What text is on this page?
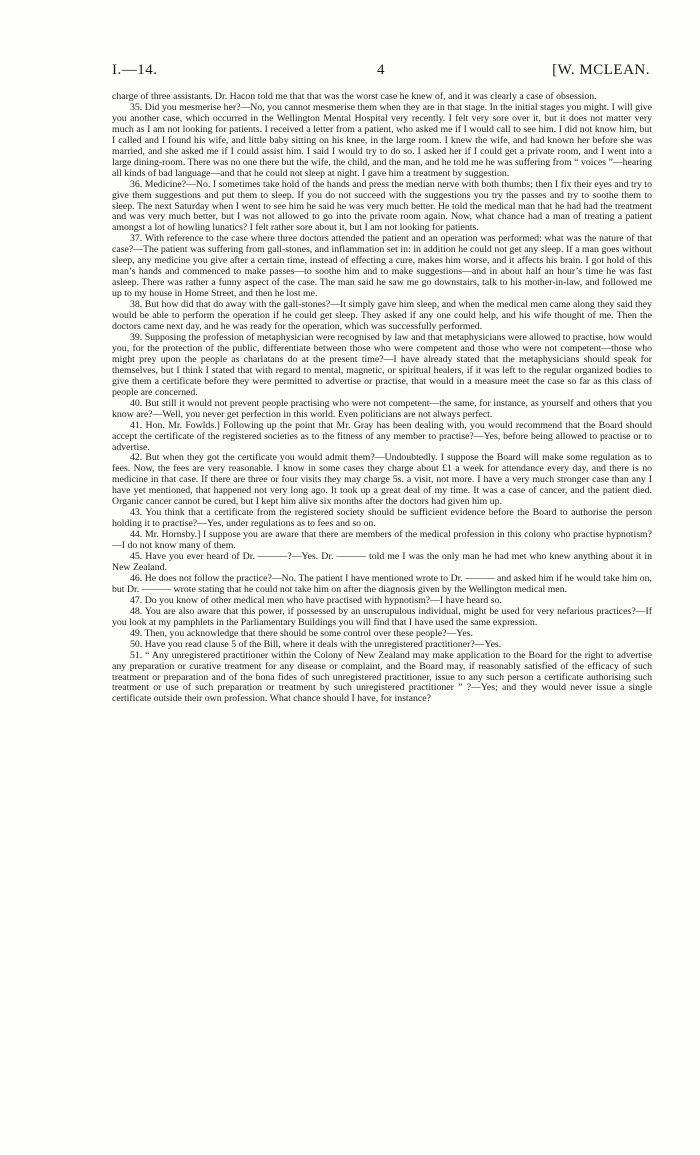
I.—14.	4	[W. MCLEAN.

charge of three assistants. Dr. Hacon told me that that was the worst case he knew of, and it was clearly a case of obsession.

35. Did you mesmerise her?—No, you cannot mesmerise them when they are in that stage. In the initial stages you might. I will give you another case, which occurred in the Wellington Mental Hospital very recently. I felt very sore over it, but it does not matter very much as I am not looking for patients. I received a letter from a patient, who asked me if I would call to see him. I did not know him, but I called and I found his wife, and little baby sitting on his knee, in the large room. I knew the wife, and had known her before she was married, and she asked me if I could assist him. I said I would try to do so. I asked her if I could get a private room, and I went into a large dining-room. There was no one there but the wife, the child, and the man, and he told me he was suffering from “ voices ”—hearing all kinds of bad language—and that he could not sleep at night. I gave him a treatment by suggestion.

36. Medicine?—No. I sometimes take hold of the hands and press the median nerve with both thumbs; then I fix their eyes and try to give them suggestions and put them to sleep. If you do not succeed with the suggestions you try the passes and try to soothe them to sleep. The next Saturday when I went to see him he said he was very much better. He told the medical man that he had had the treatment and was very much better, but I was not allowed to go into the private room again. Now, what chance had a man of treating a patient amongst a lot of howling lunatics? I felt rather sore about it, but I am not looking for patients.

37. With reference to the case where three doctors attended the patient and an operation was performed: what was the nature of that case?—The patient was suffering from gall-stones, and inflammation set in: in addition he could not get any sleep. If a man goes without sleep, any medicine you give after a certain time, instead of effecting a cure, makes him worse, and it affects his brain. I got hold of this man’s hands and commenced to make passes—to soothe him and to make suggestions—and in about half an hour’s time he was fast asleep. There was rather a funny aspect of the case. The man said he saw me go downstairs, talk to his mother-in-law, and followed me up to my house in Home Street, and then he lost me.

38. But how did that do away with the gall-stones?—It simply gave him sleep, and when the medical men came along they said they would be able to perform the operation if he could get sleep. They asked if any one could help, and his wife thought of me. Then the doctors came next day, and he was ready for the operation, which was successfully performed.

39. Supposing the profession of metaphysician were recognised by law and that metaphysicians were allowed to practise, how would you, for the protection of the public, differentiate between those who were competent and those who were not competent—those who might prey upon the people as charlatans do at the present time?—I have already stated that the metaphysicians should speak for themselves, but I think I stated that with regard to mental, magnetic, or spiritual healers, if it was left to the regular organized bodies to give them a certificate before they were permitted to advertise or practise, that would in a measure meet the case so far as this class of people are concerned.

40. But still it would not prevent people practising who were not competent—the same, for instance, as yourself and others that you know are?—Well, you never get perfection in this world. Even politicians are not always perfect.

41. Hon. Mr. Fowlds.] Following up the point that Mr. Gray has been dealing with, you would recommend that the Board should accept the certificate of the registered societies as to the fitness of any member to practise?—Yes, before being allowed to practise or to advertise.

42. But when they got the certificate you would admit them?—Undoubtedly. I suppose the Board will make some regulation as to fees. Now, the fees are very reasonable. I know in some cases they charge about £1 a week for attendance every day, and there is no medicine in that case. If there are three or four visits they may charge 5s. a visit, not more. I have a very much stronger case than any I have yet mentioned, that happened not very long ago. It took up a great deal of my time. It was a case of cancer, and the patient died. Organic cancer cannot be cured, but I kept him alive six months after the doctors had given him up.

43. You think that a certificate from the registered society should be sufficient evidence before the Board to authorise the person holding it to practise?—Yes, under regulations as to fees and so on.

44. Mr. Hornsby.] I suppose you are aware that there are members of the medical profession in this colony who practise hypnotism?—I do not know many of them.

45. Have you ever heard of Dr. ———?—Yes. Dr. ——— told me I was the only man he had met who knew anything about it in New Zealand.

46. He does not follow the practice?—No. The patient I have mentioned wrote to Dr. ——— and asked him if he would take him on, but Dr. ——— wrote stating that he could not take him on after the diagnosis given by the Wellington medical men.

47. Do you know of other medical men who have practised with hypnotism?—I have heard so.

48. You are also aware that this power, if possessed by an unscrupulous individual, might be used for very nefarious practices?—If you look at my pamphlets in the Parliamentary Buildings you will find that I have used the same expression.

49. Then, you acknowledge that there should be some control over these people?—Yes.

50. Have you read clause 5 of the Bill, where it deals with the unregistered practitioner?—Yes.

51. “ Any unregistered practitioner within the Colony of New Zealand may make application to the Board for the right to advertise any preparation or curative treatment for any disease or complaint, and the Board may, if reasonably satisfied of the efficacy of such treatment or preparation and of the bona fides of such unregistered practitioner, issue to any such person a certificate authorising such treatment or use of such preparation or treatment by such unregistered practitioner ” ?—Yes; and they would never issue a single certificate outside their own profession. What chance should I have, for instance?
